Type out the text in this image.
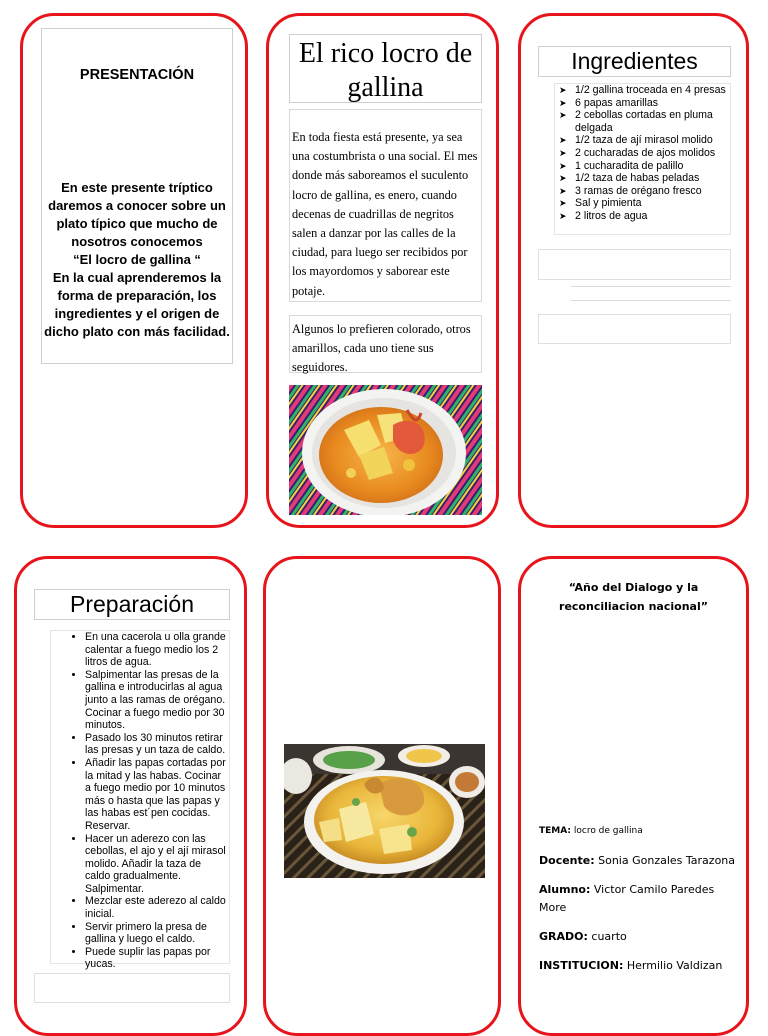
PRESENTACIÓN

En este presente tríptico daremos a conocer sobre un plato típico que mucho de nosotros conocemos

“El locro de gallina “

En la cual aprenderemos la forma de preparación, los ingredientes y el origen de dicho plato con más facilidad.

El rico locro de gallina
En toda fiesta está presente, ya sea una costumbrista o una social. El mes donde más saboreamos el suculento locro de gallina, es enero, cuando decenas de cuadrillas de negritos salen a danzar por las calles de la ciudad, para luego ser recibidos por los mayordomos y saborear este potaje.
Algunos lo prefieren colorado, otros amarillos, cada uno tiene sus seguidores.
Ingredientes
➤ 1/2 gallina troceada en 4 presas
➤ 6 papas amarillas
➤ 2 cebollas cortadas en pluma delgada
➤ 1/2 taza de ají mirasol molido
➤ 2 cucharadas de ajos molidos
➤ 1 cucharadita de palillo
➤ 1/2 taza de habas peladas
➤ 3 ramas de orégano fresco
➤ Sal y pimienta
➤ 2 litros de agua
Preparación
• En una cacerola u olla grande calentar a fuego medio los 2 litros de agua.
• Salpimentar las presas de la gallina e introducirlas al agua junto a las ramas de orégano. Cocinar a fuego medio por 30 minutos.
• Pasado los 30 minutos retirar las presas y un taza de caldo.
• Añadir las papas cortadas por la mitad y las habas. Cocinar a fuego medio por 10 minutos más o hasta que las papas y las habas est´pen cocidas. Reservar.
• Hacer un aderezo con las cebollas, el ajo y el ají mirasol molido. Añadir la taza de caldo gradualmente. Salpimentar.
• Mezclar este aderezo al caldo inicial.
• Servir primero la presa de gallina y luego el caldo.
• Puede suplir las papas por yucas.
“Año del Dialogo y la reconciliacion nacional”
TEMA: locro de gallina
Docente: Sonia Gonzales Tarazona
Alumno: Victor Camilo Paredes More
GRADO: cuarto
INSTITUCION: Hermilio Valdizan
